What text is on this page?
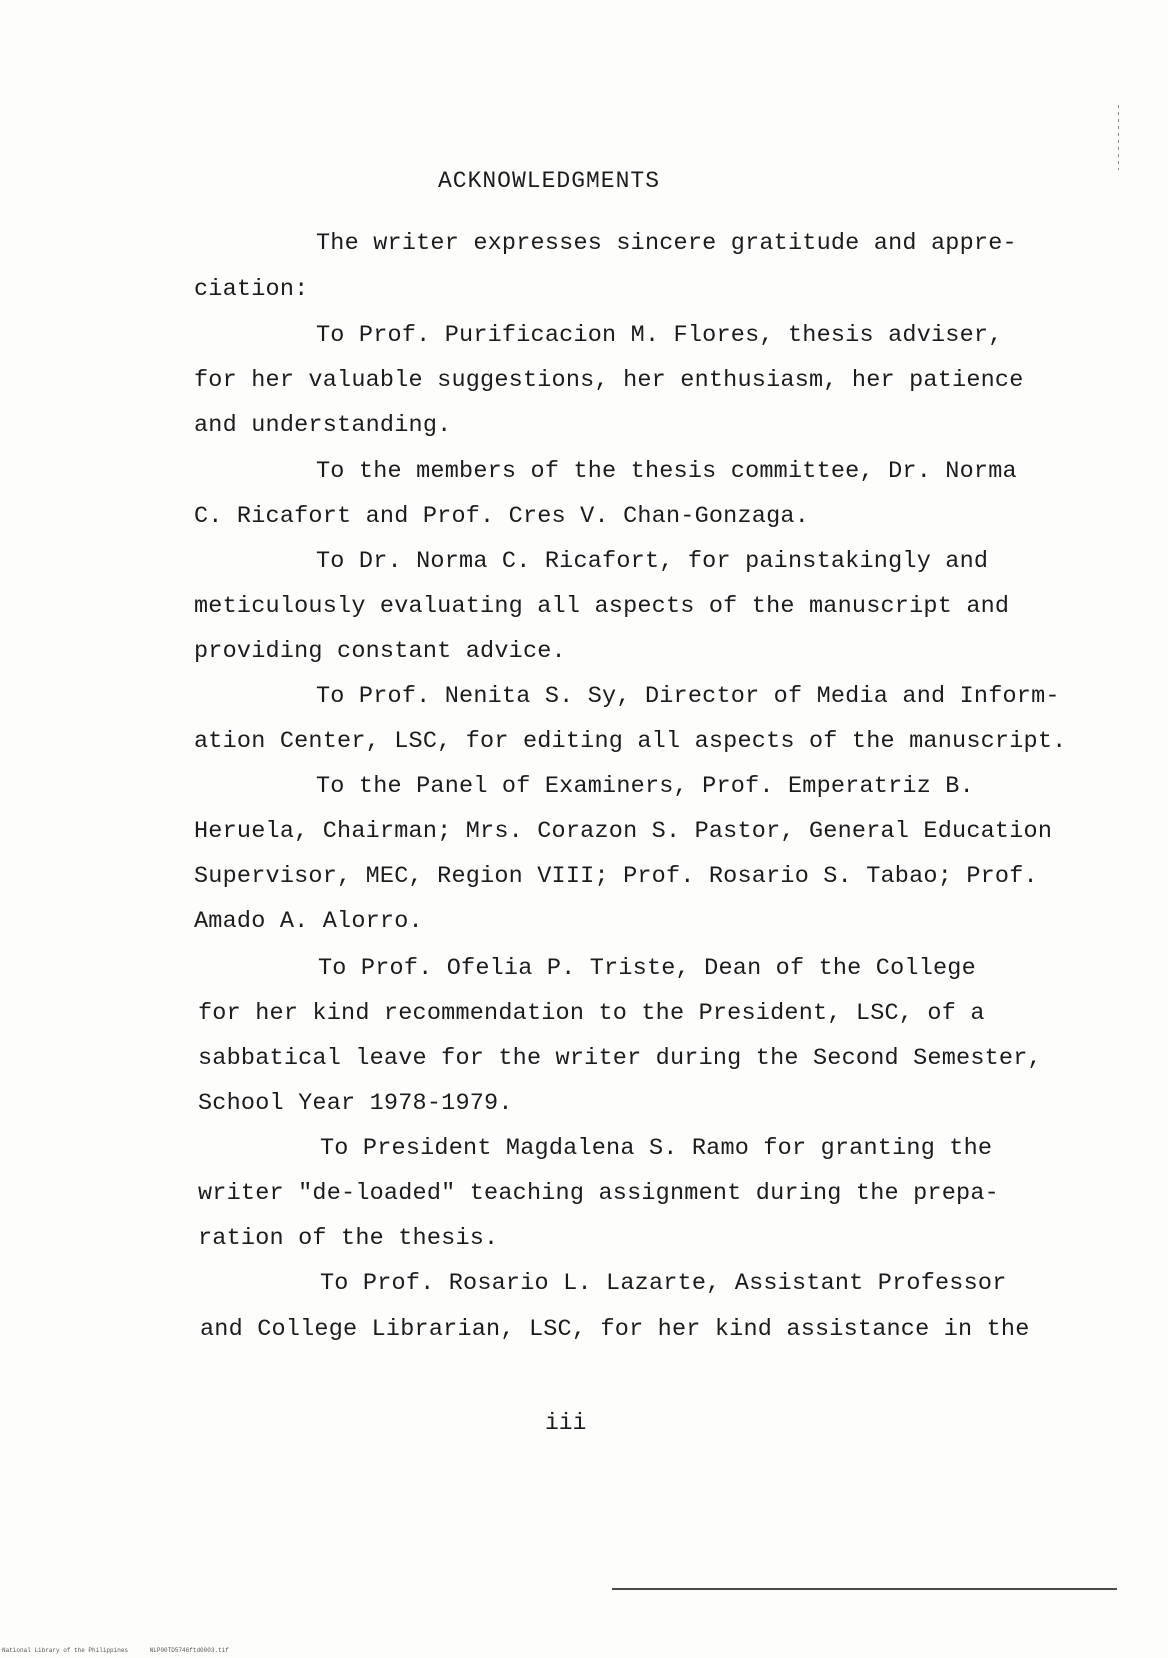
ACKNOWLEDGMENTS
The writer expresses sincere gratitude and appre-
ciation:
To Prof. Purificacion M. Flores, thesis adviser,
for her valuable suggestions, her enthusiasm, her patience
and understanding.
To the members of the thesis committee, Dr. Norma
C. Ricafort and Prof. Cres V. Chan-Gonzaga.
To Dr. Norma C. Ricafort, for painstakingly and
meticulously evaluating all aspects of the manuscript and
providing constant advice.
To Prof. Nenita S. Sy, Director of Media and Inform-
ation Center, LSC, for editing all aspects of the manuscript.
To the Panel of Examiners, Prof. Emperatriz B.
Heruela, Chairman; Mrs. Corazon S. Pastor, General Education
Supervisor, MEC, Region VIII; Prof. Rosario S. Tabao; Prof.
Amado A. Alorro.
To Prof. Ofelia P. Triste, Dean of the College
for her kind recommendation to the President, LSC, of a
sabbatical leave for the writer during the Second Semester,
School Year 1978-1979.
To President Magdalena S. Ramo for granting the
writer "de-loaded" teaching assignment during the prepa-
ration of the thesis.
To Prof. Rosario L. Lazarte, Assistant Professor
and College Librarian, LSC, for her kind assistance in the
iii
National Library of the Philippines	NLP00TD5746ftd0003.tif
